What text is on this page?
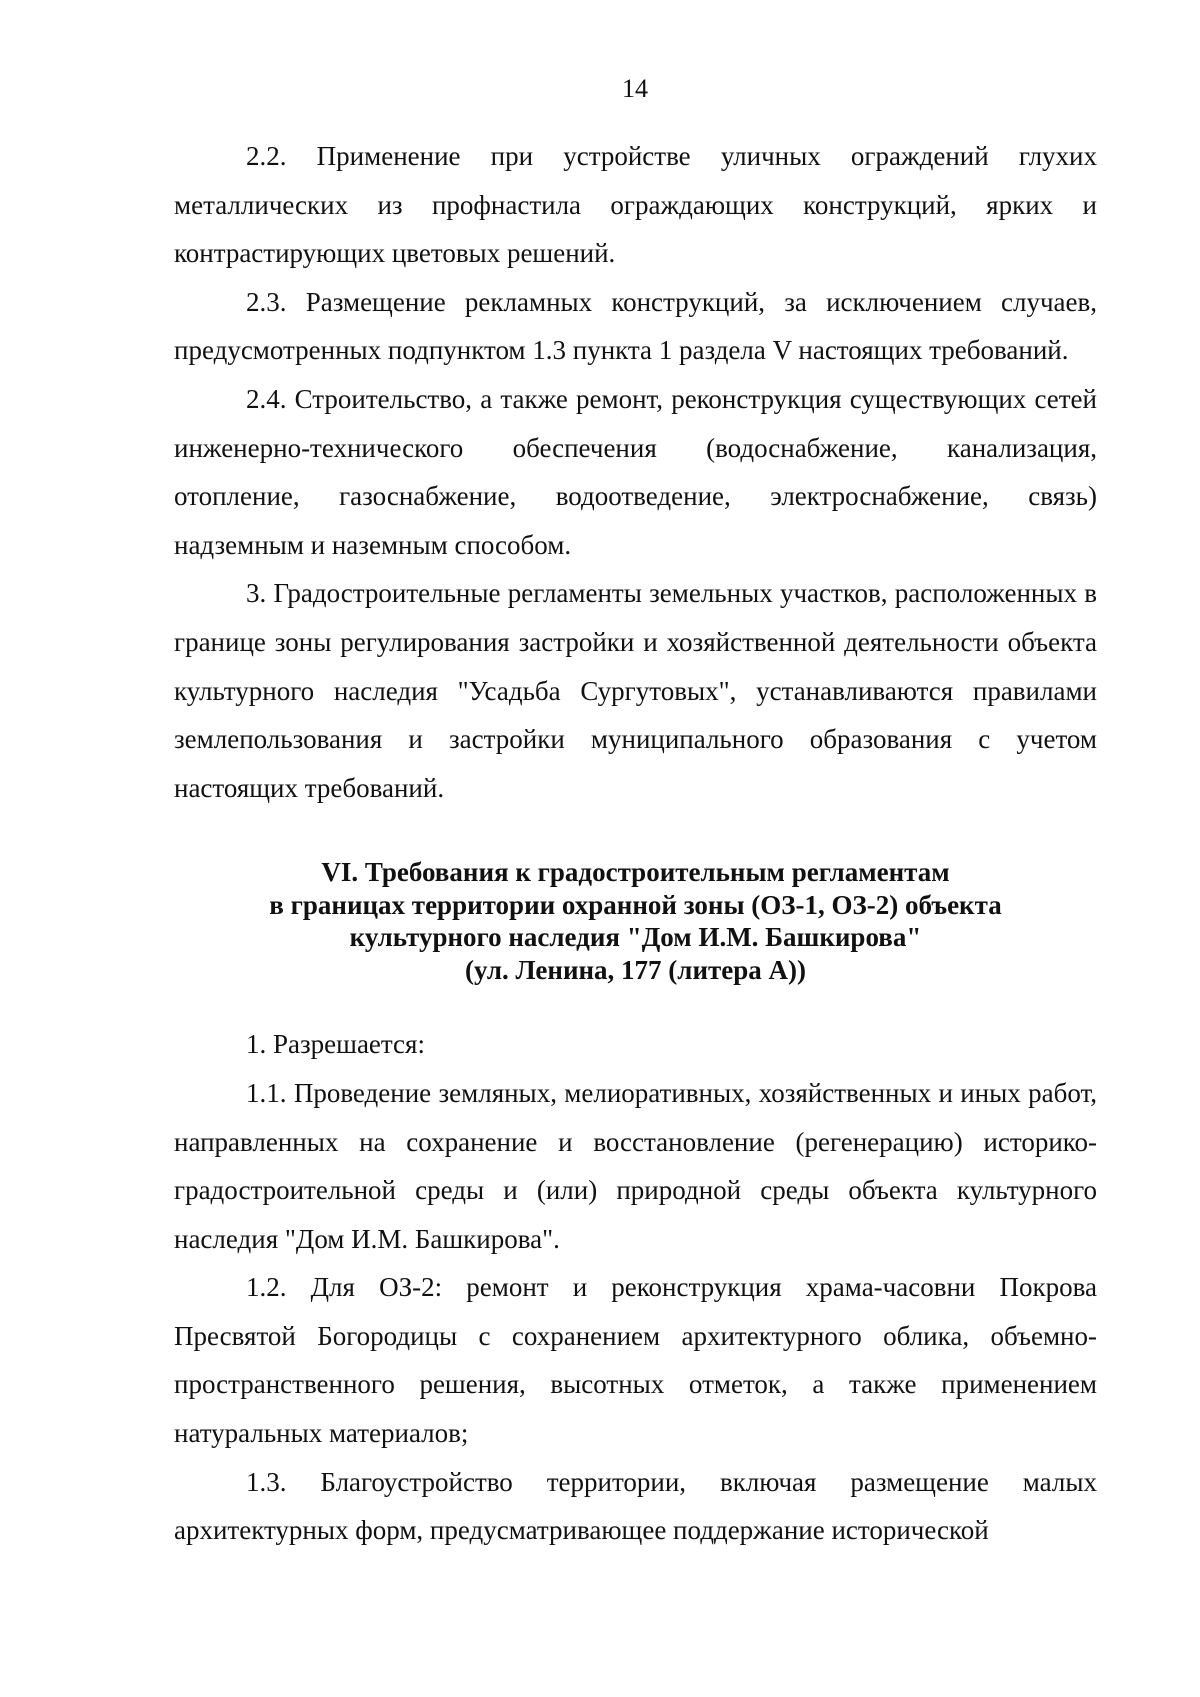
14

2.2. Применение при устройстве уличных ограждений глухих металлических из профнастила ограждающих конструкций, ярких и контрастирующих цветовых решений.

2.3. Размещение рекламных конструкций, за исключением случаев, предусмотренных подпунктом 1.3 пункта 1 раздела V настоящих требований.

2.4. Строительство, а также ремонт, реконструкция существующих сетей инженерно-технического обеспечения (водоснабжение, канализация, отопление, газоснабжение, водоотведение, электроснабжение, связь) надземным и наземным способом.

3. Градостроительные регламенты земельных участков, расположенных в границе зоны регулирования застройки и хозяйственной деятельности объекта культурного наследия "Усадьба Сургутовых", устанавливаются правилами землепользования и застройки муниципального образования с учетом настоящих требований.

VI. Требования к градостроительным регламентам
в границах территории охранной зоны (ОЗ-1, ОЗ-2) объекта
культурного наследия "Дом И.М. Башкирова"
(ул. Ленина, 177 (литера А))

1. Разрешается:

1.1. Проведение земляных, мелиоративных, хозяйственных и иных работ, направленных на сохранение и восстановление (регенерацию) историко-градостроительной среды и (или) природной среды объекта культурного наследия "Дом И.М. Башкирова".

1.2. Для ОЗ-2: ремонт и реконструкция храма-часовни Покрова Пресвятой Богородицы с сохранением архитектурного облика, объемно-пространственного решения, высотных отметок, а также применением натуральных материалов;

1.3. Благоустройство территории, включая размещение малых архитектурных форм, предусматривающее поддержание исторической
